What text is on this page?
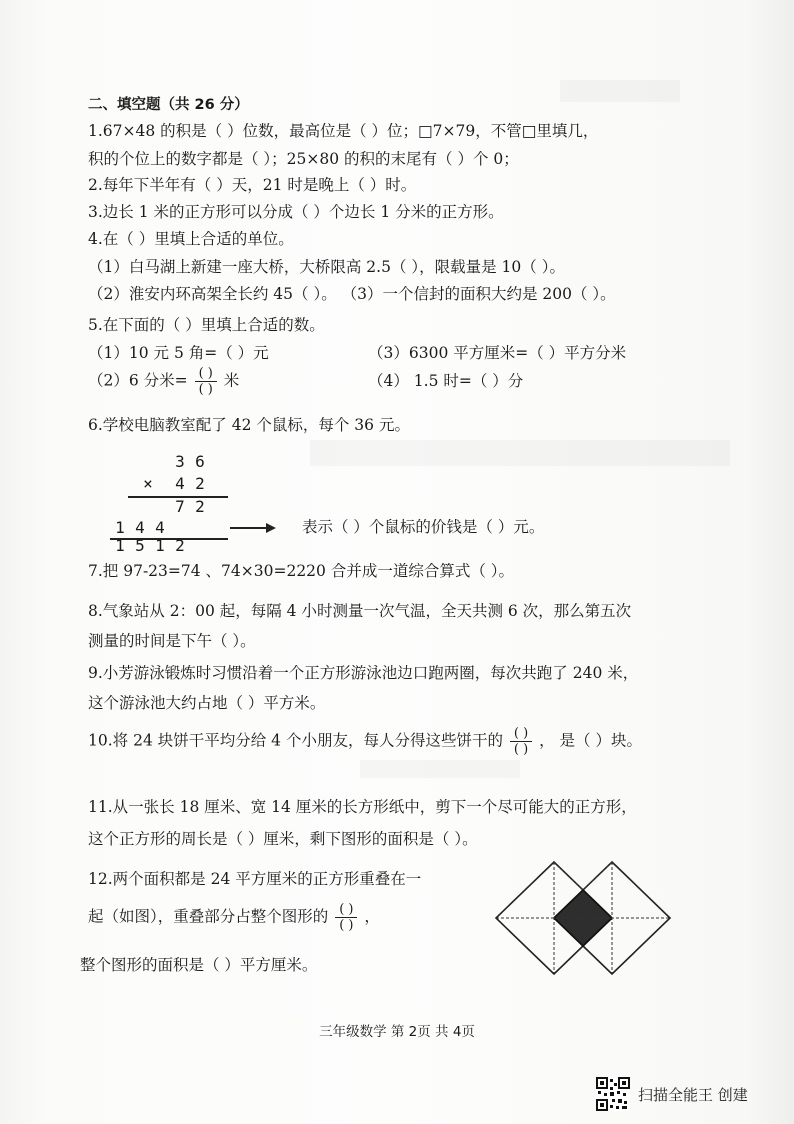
二、填空题（共 26 分）
1.67×48 的积是（ ）位数，最高位是（ ）位；□7×79，不管□里填几，
积的个位上的数字都是（ ）；25×80 的积的末尾有（ ）个 0；
2.每年下半年有（ ）天，21 时是晚上（ ）时。
3.边长 1 米的正方形可以分成（ ）个边长 1 分米的正方形。
4.在（ ）里填上合适的单位。
（1）白马湖上新建一座大桥，大桥限高 2.5（ ），限载量是 10（ ）。
（2）淮安内环高架全长约 45（ ）。 （3）一个信封的面积大约是 200（ ）。
5.在下面的（ ）里填上合适的数。
（1）10 元 5 角=（ ）元	（3）6300 平方厘米=（ ）平方分米
（2）6 分米= $\frac{( )}{( )}$ 米	（4） 1.5 时=（ ）分
6.学校电脑教室配了 42 个鼠标，每个 36 元。
3 6
×	4 2
7 2
1 4 4
1 5 1 2
表示（ ）个鼠标的价钱是（ ）元。
7.把 97-23=74 、74×30=2220 合并成一道综合算式（ ）。
8.气象站从 2：00 起，每隔 4 小时测量一次气温，全天共测 6 次，那么第五次
测量的时间是下午（ ）。
9.小芳游泳锻炼时习惯沿着一个正方形游泳池边口跑两圈，每次共跑了 240 米，
这个游泳池大约占地（ ）平方米。
10.将 24 块饼干平均分给 4 个小朋友，每人分得这些饼干的 $\frac{( )}{( )}$ ， 是（ ）块。
11.从一张长 18 厘米、宽 14 厘米的长方形纸中，剪下一个尽可能大的正方形，
这个正方形的周长是（ ）厘米，剩下图形的面积是（ ）。
12.两个面积都是 24 平方厘米的正方形重叠在一
起（如图），重叠部分占整个图形的 $\frac{( )}{( )}$ ，
整个图形的面积是（ ）平方厘米。
三年级数学 第 2页 共 4页
扫描全能王 创建
